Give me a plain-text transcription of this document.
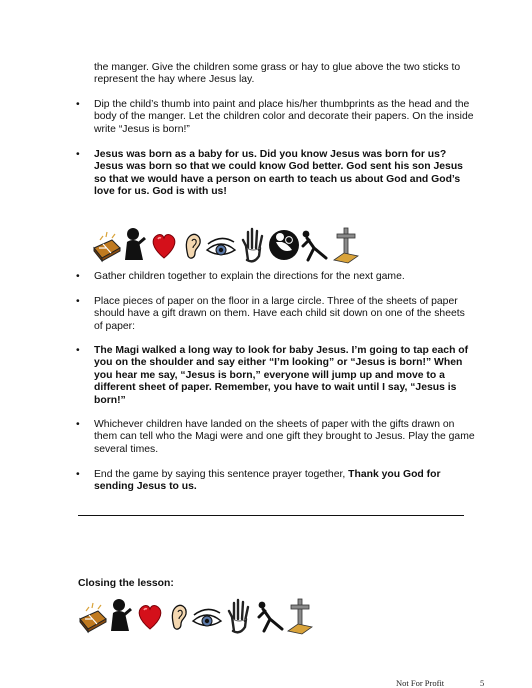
the manger. Give the children some grass or hay to glue above the two sticks to represent the hay where Jesus lay.

• Dip the child’s thumb into paint and place his/her thumbprints as the head and the body of the manger. Let the children color and decorate their papers. On the inside write “Jesus is born!”

• Jesus was born as a baby for us. Did you know Jesus was born for us? Jesus was born so that we could know God better. God sent his son Jesus so that we would have a person on earth to teach us about God and God’s love for us. God is with us!

• Gather children together to explain the directions for the next game.

• Place pieces of paper on the floor in a large circle. Three of the sheets of paper should have a gift drawn on them. Have each child sit down on one of the sheets of paper:

• The Magi walked a long way to look for baby Jesus. I’m going to tap each of you on the shoulder and say either “I’m looking” or “Jesus is born!” When you hear me say, “Jesus is born,” everyone will jump up and move to a different sheet of paper. Remember, you have to wait until I say, “Jesus is born!”

• Whichever children have landed on the sheets of paper with the gifts drawn on them can tell who the Magi were and one gift they brought to Jesus. Play the game several times.

• End the game by saying this sentence prayer together, Thank you God for sending Jesus to us.

Closing the lesson:
Not For Profit	5
